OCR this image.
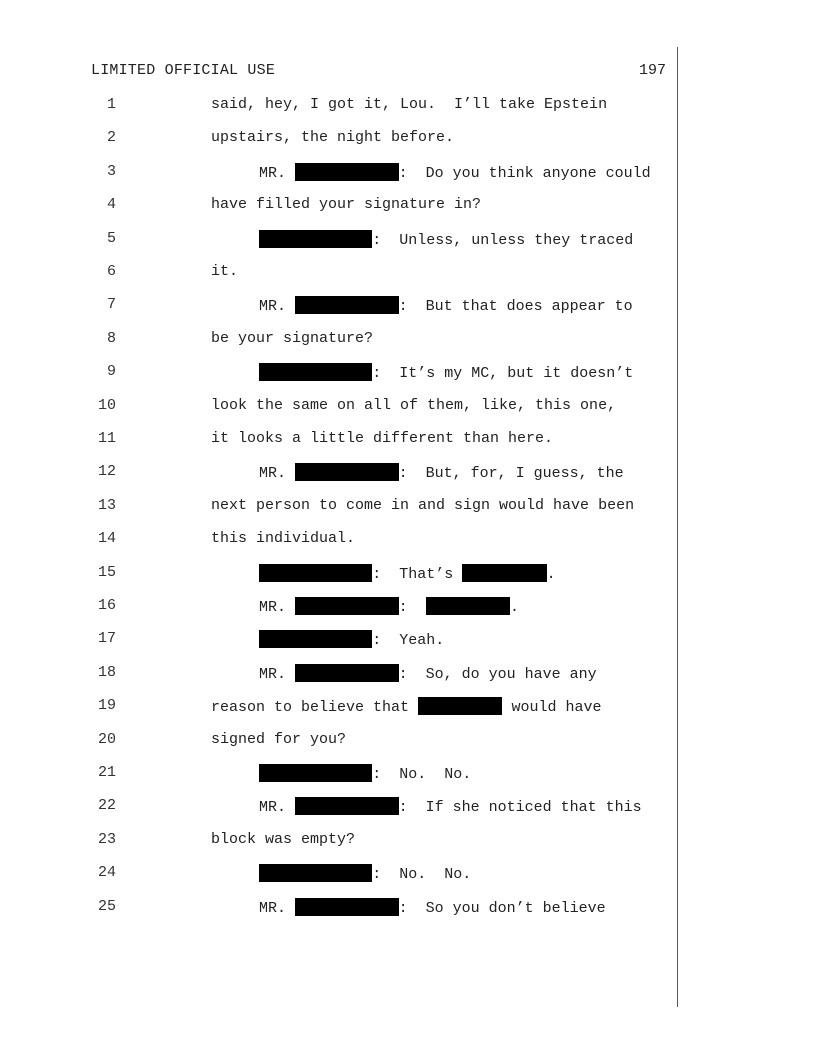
LIMITED OFFICIAL USE	197
1	said, hey, I got it, Lou.  I’ll take Epstein
2	upstairs, the night before.
3	MR.	:  Do you think anyone could
4	have filled your signature in?
5	:  Unless, unless they traced
6	it.
7	MR.	:  But that does appear to
8	be your signature?
9	:  It’s my MC, but it doesn’t
10	look the same on all of them, like, this one,
11	it looks a little different than here.
12	MR.	:  But, for, I guess, the
13	next person to come in and sign would have been
14	this individual.
15	:  That’s	.
16	MR.	:	.
17	:  Yeah.
18	MR.	:  So, do you have any
19	reason to believe that	would have
20	signed for you?
21	:  No.  No.
22	MR.	:  If she noticed that this
23	block was empty?
24	:  No.  No.
25	MR.	:  So you don’t believe
